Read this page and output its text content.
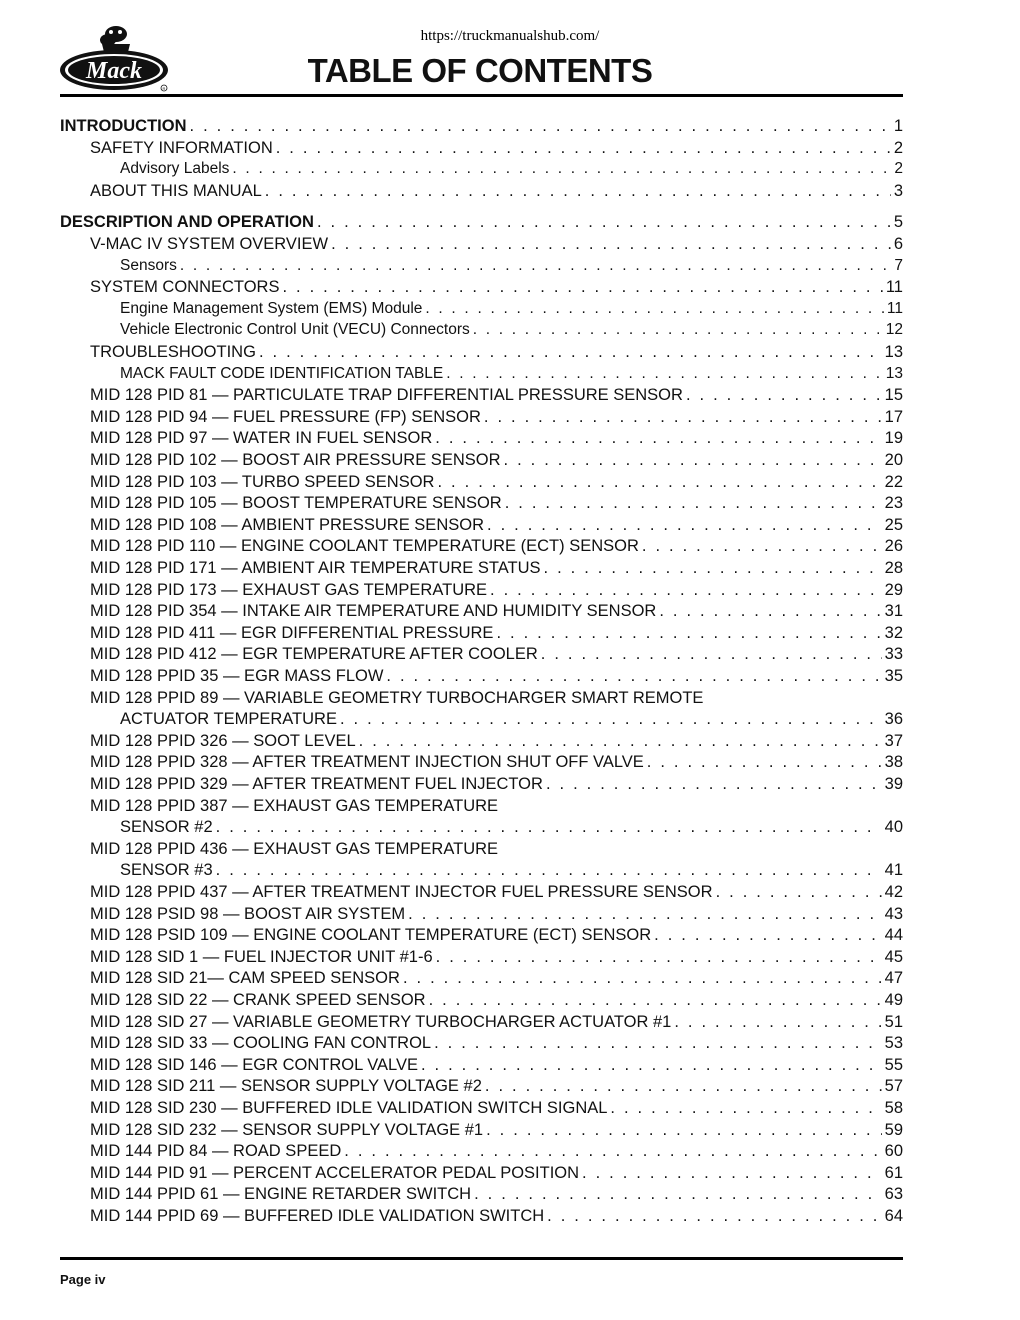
https://truckmanualshub.com/
Mack
R	TABLE OF CONTENTS
INTRODUCTION . . .	1
SAFETY INFORMATION . . .	2
Advisory Labels . . .	2
ABOUT THIS MANUAL . . .	3
DESCRIPTION AND OPERATION . . .	5
V-MAC IV SYSTEM OVERVIEW . . .	6
Sensors . . .	7
SYSTEM CONNECTORS . . .	11
Engine Management System (EMS) Module . . .	11
Vehicle Electronic Control Unit (VECU) Connectors . . .	12
TROUBLESHOOTING . . .	13
MACK FAULT CODE IDENTIFICATION TABLE . . .	13
MID 128 PID 81 — PARTICULATE TRAP DIFFERENTIAL PRESSURE SENSOR . . .	15
MID 128 PID 94 — FUEL PRESSURE (FP) SENSOR . . .	17
MID 128 PID 97 — WATER IN FUEL SENSOR . . .	19
MID 128 PID 102 — BOOST AIR PRESSURE SENSOR . . .	20
MID 128 PID 103 — TURBO SPEED SENSOR . . .	22
MID 128 PID 105 — BOOST TEMPERATURE SENSOR . . .	23
MID 128 PID 108 — AMBIENT PRESSURE SENSOR . . .	25
MID 128 PID 110 — ENGINE COOLANT TEMPERATURE (ECT) SENSOR . . .	26
MID 128 PID 171 — AMBIENT AIR TEMPERATURE STATUS . . .	28
MID 128 PID 173 — EXHAUST GAS TEMPERATURE . . .	29
MID 128 PID 354 — INTAKE AIR TEMPERATURE AND HUMIDITY SENSOR . . .	31
MID 128 PID 411 — EGR DIFFERENTIAL PRESSURE . . .	32
MID 128 PID 412 — EGR TEMPERATURE AFTER COOLER . . .	33
MID 128 PPID 35 — EGR MASS FLOW . . .	35
MID 128 PPID 89 — VARIABLE GEOMETRY TURBOCHARGER SMART REMOTE
ACTUATOR TEMPERATURE . . .	36
MID 128 PPID 326 — SOOT LEVEL . . .	37
MID 128 PPID 328 — AFTER TREATMENT INJECTION SHUT OFF VALVE . . .	38
MID 128 PPID 329 — AFTER TREATMENT FUEL INJECTOR . . .	39
MID 128 PPID 387 — EXHAUST GAS TEMPERATURE
SENSOR #2 . . .	40
MID 128 PPID 436 — EXHAUST GAS TEMPERATURE
SENSOR #3 . . .	41
MID 128 PPID 437 — AFTER TREATMENT INJECTOR FUEL PRESSURE SENSOR . . .	42
MID 128 PSID 98 — BOOST AIR SYSTEM . . .	43
MID 128 PSID 109 — ENGINE COOLANT TEMPERATURE (ECT) SENSOR . . .	44
MID 128 SID 1 — FUEL INJECTOR UNIT #1-6 . . .	45
MID 128 SID 21— CAM SPEED SENSOR . . .	47
MID 128 SID 22 — CRANK SPEED SENSOR . . .	49
MID 128 SID 27 — VARIABLE GEOMETRY TURBOCHARGER ACTUATOR #1 . . .	51
MID 128 SID 33 — COOLING FAN CONTROL . . .	53
MID 128 SID 146 — EGR CONTROL VALVE . . .	55
MID 128 SID 211 — SENSOR SUPPLY VOLTAGE #2 . . .	57
MID 128 SID 230 — BUFFERED IDLE VALIDATION SWITCH SIGNAL . . .	58
MID 128 SID 232 — SENSOR SUPPLY VOLTAGE #1 . . .	59
MID 144 PID 84 — ROAD SPEED . . .	60
MID 144 PID 91 — PERCENT ACCELERATOR PEDAL POSITION . . .	61
MID 144 PPID 61 — ENGINE RETARDER SWITCH . . .	63
MID 144 PPID 69 — BUFFERED IDLE VALIDATION SWITCH . . .	64
Page iv
